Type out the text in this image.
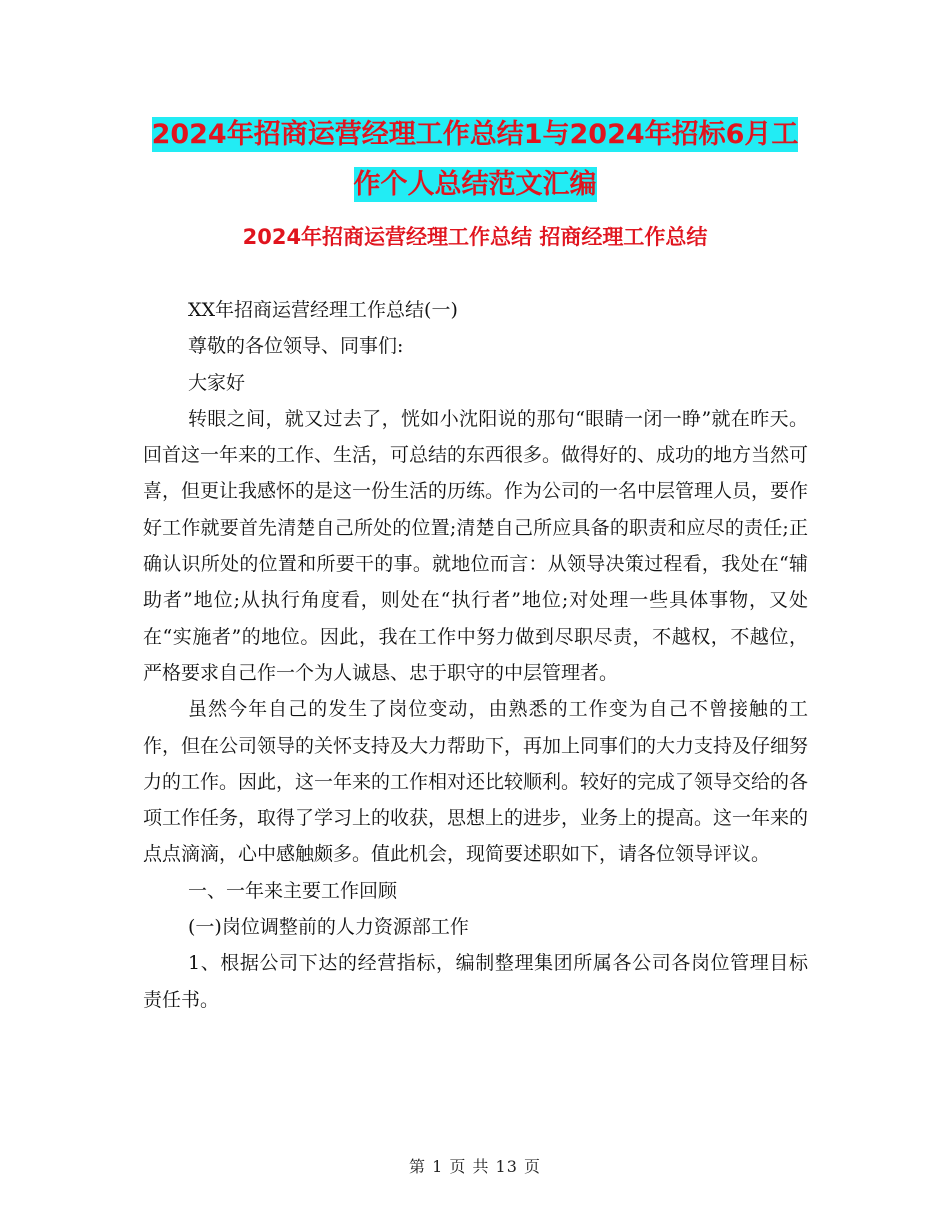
2024年招商运营经理工作总结1与2024年招标6月工
作个人总结范文汇编
2024年招商运营经理工作总结 招商经理工作总结

XX年招商运营经理工作总结(一)

尊敬的各位领导、同事们:

大家好

转眼之间，就又过去了，恍如小沈阳说的那句“眼睛一闭一睁”就在昨天。回首这一年来的工作、生活，可总结的东西很多。做得好的、成功的地方当然可喜，但更让我感怀的是这一份生活的历练。作为公司的一名中层管理人员，要作好工作就要首先清楚自己所处的位置;清楚自己所应具备的职责和应尽的责任;正确认识所处的位置和所要干的事。就地位而言：从领导决策过程看，我处在“辅助者”地位;从执行角度看，则处在“执行者”地位;对处理一些具体事物，又处在“实施者”的地位。因此，我在工作中努力做到尽职尽责，不越权，不越位，严格要求自己作一个为人诚恳、忠于职守的中层管理者。

虽然今年自己的发生了岗位变动，由熟悉的工作变为自己不曾接触的工作，但在公司领导的关怀支持及大力帮助下，再加上同事们的大力支持及仔细努力的工作。因此，这一年来的工作相对还比较顺利。较好的完成了领导交给的各项工作任务，取得了学习上的收获，思想上的进步，业务上的提高。这一年来的点点滴滴，心中感触颇多。值此机会，现简要述职如下，请各位领导评议。

一、一年来主要工作回顾

(一)岗位调整前的人力资源部工作

1、根据公司下达的经营指标，编制整理集团所属各公司各岗位管理目标责任书。

第 1 页 共 13 页
